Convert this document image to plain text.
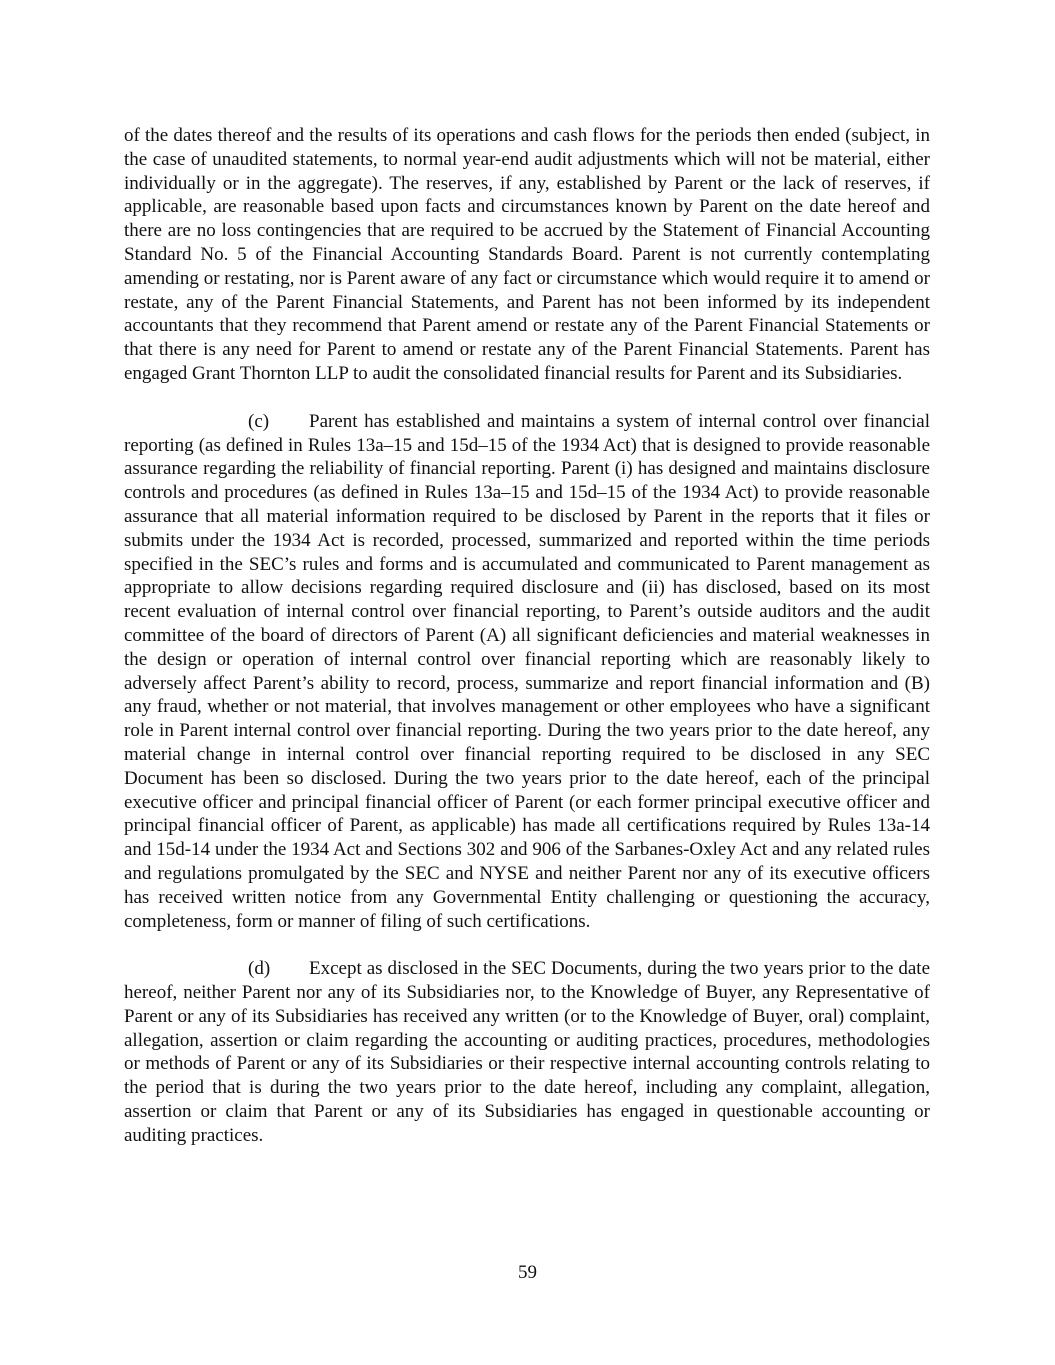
of the dates thereof and the results of its operations and cash flows for the periods then ended (subject, in the case of unaudited statements, to normal year-end audit adjustments which will not be material, either individually or in the aggregate). The reserves, if any, established by Parent or the lack of reserves, if applicable, are reasonable based upon facts and circumstances known by Parent on the date hereof and there are no loss contingencies that are required to be accrued by the Statement of Financial Accounting Standard No. 5 of the Financial Accounting Standards Board. Parent is not currently contemplating amending or restating, nor is Parent aware of any fact or circumstance which would require it to amend or restate, any of the Parent Financial Statements, and Parent has not been informed by its independent accountants that they recommend that Parent amend or restate any of the Parent Financial Statements or that there is any need for Parent to amend or restate any of the Parent Financial Statements. Parent has engaged Grant Thornton LLP to audit the consolidated financial results for Parent and its Subsidiaries.

(c) Parent has established and maintains a system of internal control over financial reporting (as defined in Rules 13a–15 and 15d–15 of the 1934 Act) that is designed to provide reasonable assurance regarding the reliability of financial reporting. Parent (i) has designed and maintains disclosure controls and procedures (as defined in Rules 13a–15 and 15d–15 of the 1934 Act) to provide reasonable assurance that all material information required to be disclosed by Parent in the reports that it files or submits under the 1934 Act is recorded, processed, summarized and reported within the time periods specified in the SEC’s rules and forms and is accumulated and communicated to Parent management as appropriate to allow decisions regarding required disclosure and (ii) has disclosed, based on its most recent evaluation of internal control over financial reporting, to Parent’s outside auditors and the audit committee of the board of directors of Parent (A) all significant deficiencies and material weaknesses in the design or operation of internal control over financial reporting which are reasonably likely to adversely affect Parent’s ability to record, process, summarize and report financial information and (B) any fraud, whether or not material, that involves management or other employees who have a significant role in Parent internal control over financial reporting. During the two years prior to the date hereof, any material change in internal control over financial reporting required to be disclosed in any SEC Document has been so disclosed. During the two years prior to the date hereof, each of the principal executive officer and principal financial officer of Parent (or each former principal executive officer and principal financial officer of Parent, as applicable) has made all certifications required by Rules 13a-14 and 15d-14 under the 1934 Act and Sections 302 and 906 of the Sarbanes-Oxley Act and any related rules and regulations promulgated by the SEC and NYSE and neither Parent nor any of its executive officers has received written notice from any Governmental Entity challenging or questioning the accuracy, completeness, form or manner of filing of such certifications.

(d) Except as disclosed in the SEC Documents, during the two years prior to the date hereof, neither Parent nor any of its Subsidiaries nor, to the Knowledge of Buyer, any Representative of Parent or any of its Subsidiaries has received any written (or to the Knowledge of Buyer, oral) complaint, allegation, assertion or claim regarding the accounting or auditing practices, procedures, methodologies or methods of Parent or any of its Subsidiaries or their respective internal accounting controls relating to the period that is during the two years prior to the date hereof, including any complaint, allegation, assertion or claim that Parent or any of its Subsidiaries has engaged in questionable accounting or auditing practices.

59
